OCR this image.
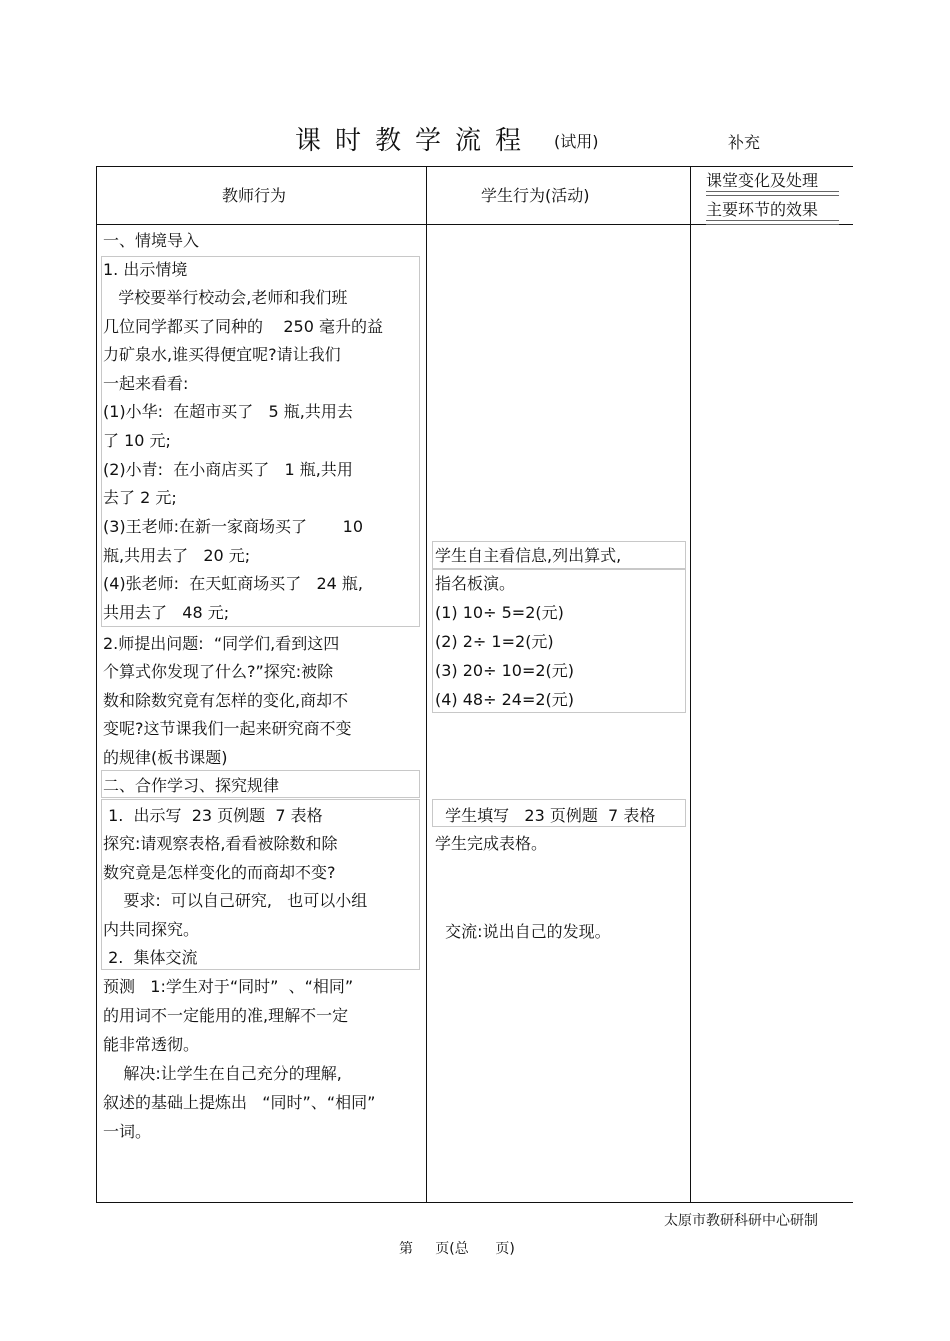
课时教学流程 (试用)	补充
教师行为	学生行为(活动)
课堂变化及处理
主要环节的效果
一、情境导入
1. 出示情境
学校要举行校动会,老师和我们班
几位同学都买了同种的    250 毫升的益
力矿泉水,谁买得便宜呢?请让我们
一起来看看:
(1)小华:  在超市买了   5 瓶,共用去
了 10 元;
(2)小青:  在小商店买了   1 瓶,共用
去了 2 元;
(3)王老师:在新一家商场买了       10
瓶,共用去了   20 元;
(4)张老师:  在天虹商场买了   24 瓶,
共用去了   48 元;
2.师提出问题:  “同学们,看到这四
个算式你发现了什么?”探究:被除
数和除数究竟有怎样的变化,商却不
变呢?这节课我们一起来研究商不变
的规律(板书课题)
二、合作学习、探究规律
1.  出示写  23 页例题  7 表格
探究:请观察表格,看看被除数和除
数究竟是怎样变化的而商却不变?
要求:  可以自己研究,   也可以小组
内共同探究。
2.  集体交流
预测   1:学生对于“同时”  、“相同”
的用词不一定能用的准,理解不一定
能非常透彻。
解决:让学生在自己充分的理解,
叙述的基础上提炼出   “同时”、“相同”
一词。
学生自主看信息,列出算式,
指名板演。
(1) 10÷ 5=2(元)
(2) 2÷ 1=2(元)
(3) 20÷ 10=2(元)
(4) 48÷ 24=2(元)
学生填写   23 页例题  7 表格
学生完成表格。
交流:说出自己的发现。
太原市教研科研中心研制
第     页(总      页)
